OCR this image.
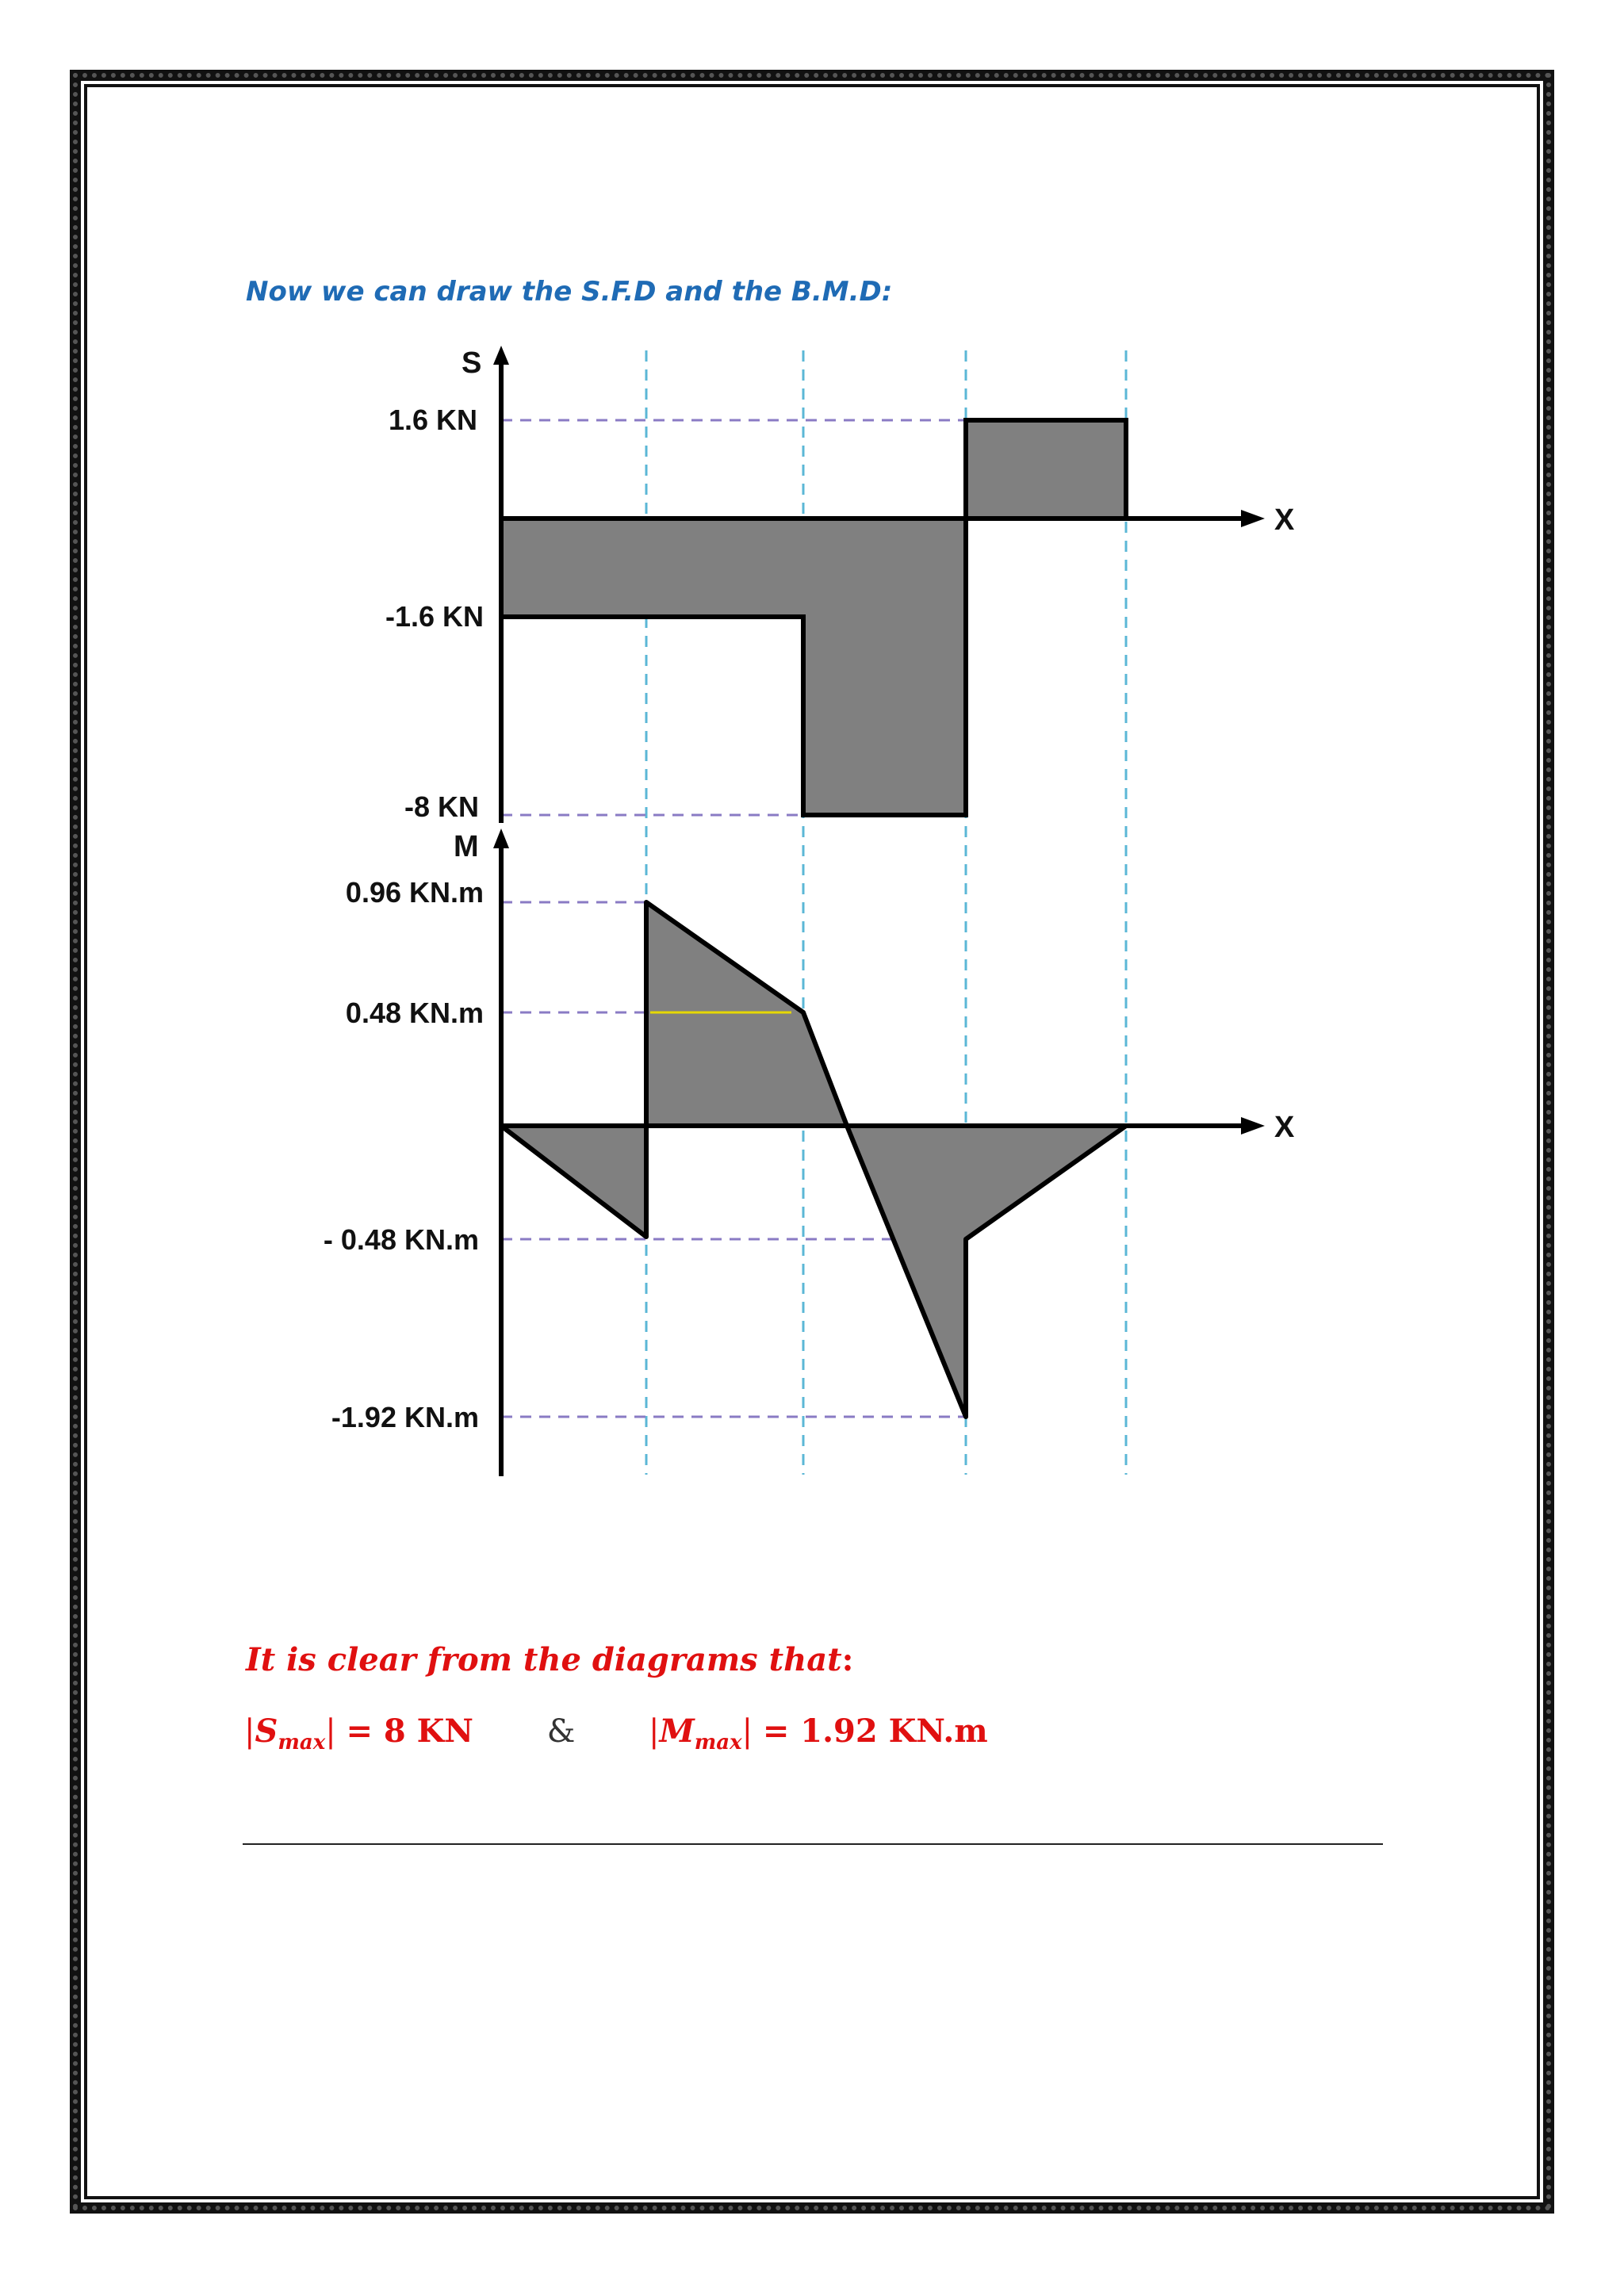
Now we can draw the S.F.D and the B.M.D:
S
X
1.6 KN
-1.6 KN
-8 KN
M
X
0.96 KN.m
0.48 KN.m
- 0.48 KN.m
-1.92 KN.m
It is clear from the diagrams that:
$|S_{max}| = 8$ KN & $|M_{max}| = 1.92$ KN.m
